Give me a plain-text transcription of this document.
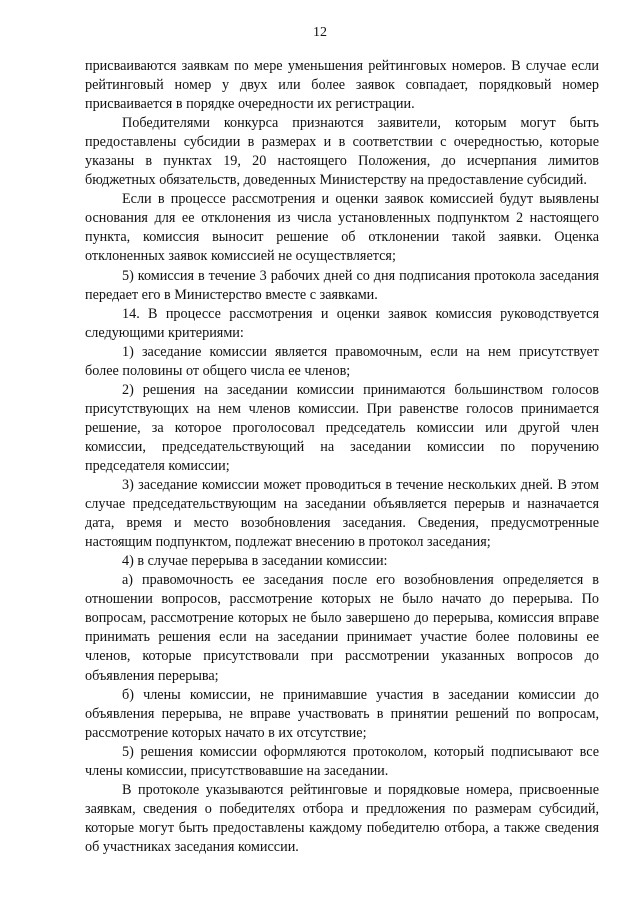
12

присваиваются заявкам по мере уменьшения рейтинговых номеров. В случае если рейтинговый номер у двух или более заявок совпадает, порядковый номер присваивается в порядке очередности их регистрации.

Победителями конкурса признаются заявители, которым могут быть предоставлены субсидии в размерах и в соответствии с очередностью, которые указаны в пунктах 19, 20 настоящего Положения, до исчерпания лимитов бюджетных обязательств, доведенных Министерству на предоставление субсидий.

Если в процессе рассмотрения и оценки заявок комиссией будут выявлены основания для ее отклонения из числа установленных подпунктом 2 настоящего пункта, комиссия выносит решение об отклонении такой заявки. Оценка отклоненных заявок комиссией не осуществляется;

5) комиссия в течение 3 рабочих дней со дня подписания протокола заседания передает его в Министерство вместе с заявками.

14. В процессе рассмотрения и оценки заявок комиссия руководствуется следующими критериями:

1) заседание комиссии является правомочным, если на нем присутствует более половины от общего числа ее членов;

2) решения на заседании комиссии принимаются большинством голосов присутствующих на нем членов комиссии. При равенстве голосов принимается решение, за которое проголосовал председатель комиссии или другой член комиссии, председательствующий на заседании комиссии по поручению председателя комиссии;

3) заседание комиссии может проводиться в течение нескольких дней. В этом случае председательствующим на заседании объявляется перерыв и назначается дата, время и место возобновления заседания. Сведения, предусмотренные настоящим подпунктом, подлежат внесению в протокол заседания;

4) в случае перерыва в заседании комиссии:

а) правомочность ее заседания после его возобновления определяется в отношении вопросов, рассмотрение которых не было начато до перерыва. По вопросам, рассмотрение которых не было завершено до перерыва, комиссия вправе принимать решения если на заседании принимает участие более половины ее членов, которые присутствовали при рассмотрении указанных вопросов до объявления перерыва;

б) члены комиссии, не принимавшие участия в заседании комиссии до объявления перерыва, не вправе участвовать в принятии решений по вопросам, рассмотрение которых начато в их отсутствие;

5) решения комиссии оформляются протоколом, который подписывают все члены комиссии, присутствовавшие на заседании.

В протоколе указываются рейтинговые и порядковые номера, присвоенные заявкам, сведения о победителях отбора и предложения по размерам субсидий, которые могут быть предоставлены каждому победителю отбора, а также сведения об участниках заседания комиссии.
